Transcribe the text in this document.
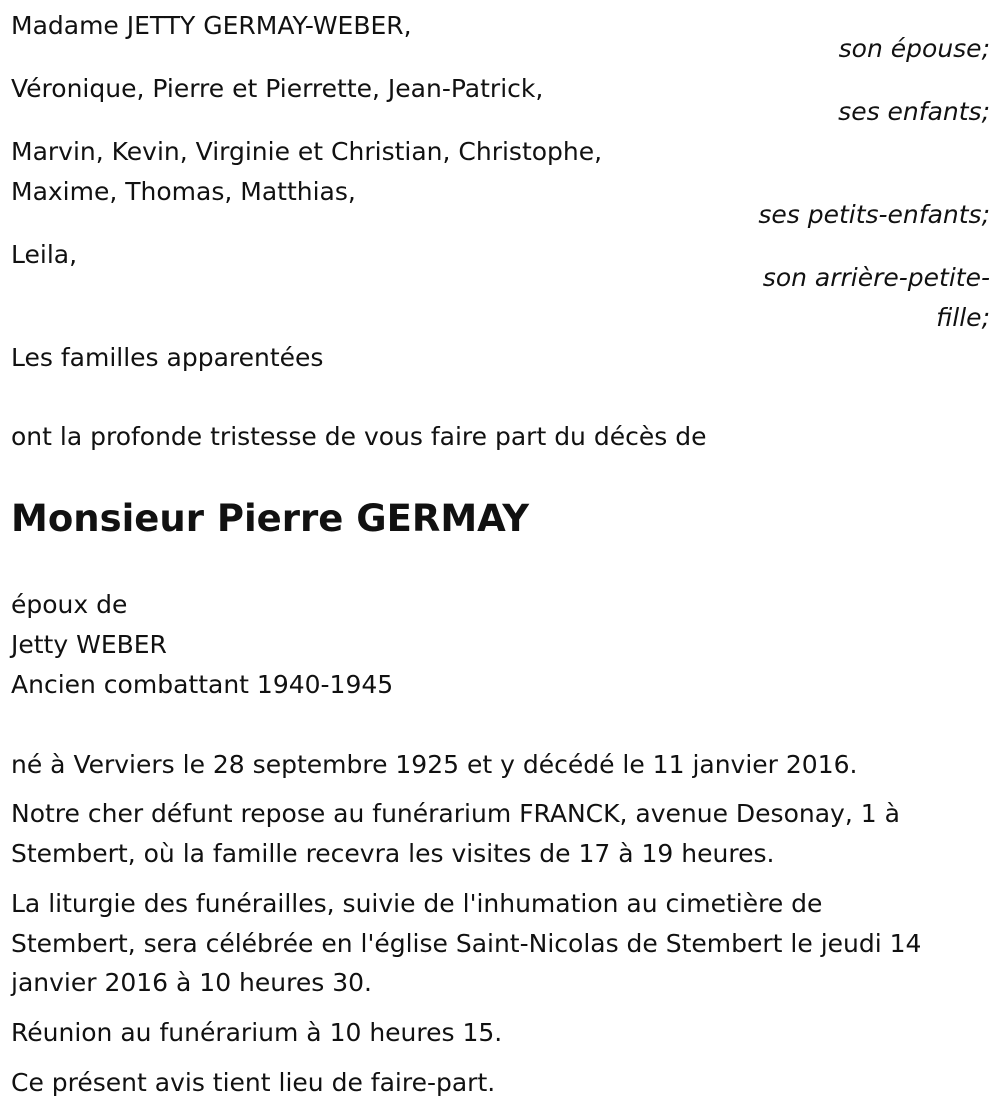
Madame JETTY GERMAY-WEBER,

son épouse;

Véronique, Pierre et Pierrette, Jean-Patrick,

ses enfants;

Marvin, Kevin, Virginie et Christian, Christophe,

Maxime, Thomas, Matthias,

ses petits-enfants;

Leila,

son arrière-petite-

fille;

Les familles apparentées

ont la profonde tristesse de vous faire part du décès de

Monsieur Pierre GERMAY

époux de

Jetty WEBER

Ancien combattant 1940-1945

né à Verviers le 28 septembre 1925 et y décédé le 11 janvier 2016.

Notre cher défunt repose au funérarium FRANCK, avenue Desonay, 1 à

Stembert, où la famille recevra les visites de 17 à 19 heures.

La liturgie des funérailles, suivie de l'inhumation au cimetière de

Stembert, sera célébrée en l'église Saint-Nicolas de Stembert le jeudi 14

janvier 2016 à 10 heures 30.

Réunion au funérarium à 10 heures 15.

Ce présent avis tient lieu de faire-part.
